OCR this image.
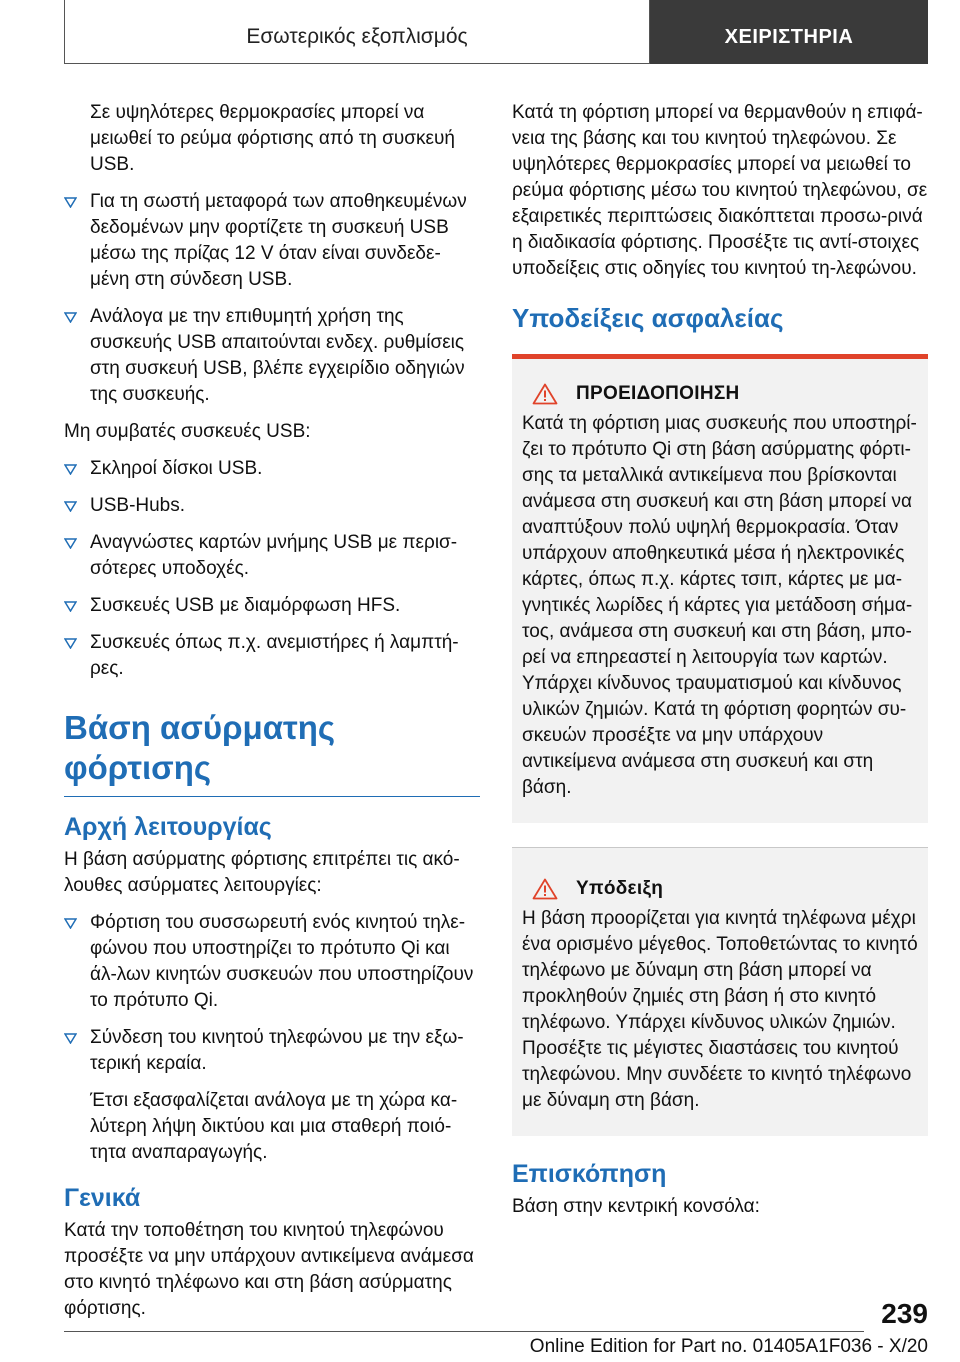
Εσωτερικός εξοπλισμός	ΧΕΙΡΙΣΤΗΡΙΑ

Σε υψηλότερες θερμοκρασίες μπορεί να μειωθεί το ρεύμα φόρτισης από τη συσκευή USB.

Για τη σωστή μεταφορά των αποθηκευμένων δεδομένων μην φορτίζετε τη συσκευή USB μέσω της πρίζας 12 V όταν είναι συνδεδε-μένη στη σύνδεση USB.
Ανάλογα με την επιθυμητή χρήση της συσκευής USB απαιτούνται ενδεχ. ρυθμίσεις στη συσκευή USB, βλέπε εγχειρίδιο οδηγιών της συσκευής.

Μη συμβατές συσκευές USB:

Σκληροί δίσκοι USB.
USB-Hubs.
Αναγνώστες καρτών μνήμης USB με περισ-σότερες υποδοχές.
Συσκευές USB με διαμόρφωση HFS.
Συσκευές όπως π.χ. ανεμιστήρες ή λαμπτή-ρες.
Βάση ασύρματης φόρτισης
Αρχή λειτουργίας

Η βάση ασύρματης φόρτισης επιτρέπει τις ακό-λουθες ασύρματες λειτουργίες:

Φόρτιση του συσσωρευτή ενός κινητού τηλε-φώνου που υποστηρίζει το πρότυπο Qi και άλ-λων κινητών συσκευών που υποστηρίζουν το πρότυπο Qi.
Σύνδεση του κινητού τηλεφώνου με την εξω-τερική κεραία.

Έτσι εξασφαλίζεται ανάλογα με τη χώρα κα-λύτερη λήψη δικτύου και μια σταθερή ποιό-τητα αναπαραγωγής.

Γενικά

Κατά την τοποθέτηση του κινητού τηλεφώνου προσέξτε να μην υπάρχουν αντικείμενα ανάμεσα στο κινητό τηλέφωνο και στη βάση ασύρματης φόρτισης.

Κατά τη φόρτιση μπορεί να θερμανθούν η επιφά-νεια της βάσης και του κινητού τηλεφώνου. Σε υψηλότερες θερμοκρασίες μπορεί να μειωθεί το ρεύμα φόρτισης μέσω του κινητού τηλεφώνου, σε εξαιρετικές περιπτώσεις διακόπτεται προσω-ρινά η διαδικασία φόρτισης. Προσέξτε τις αντί-στοιχες υποδείξεις στις οδηγίες του κινητού τη-λεφώνου.

Υποδείξεις ασφαλείας
ΠΡΟΕΙΔΟΠΟΙΗΣΗ

Κατά τη φόρτιση μιας συσκευής που υποστηρί-ζει το πρότυπο Qi στη βάση ασύρματης φόρτι-σης τα μεταλλικά αντικείμενα που βρίσκονται ανάμεσα στη συσκευή και στη βάση μπορεί να αναπτύξουν πολύ υψηλή θερμοκρασία. Όταν υπάρχουν αποθηκευτικά μέσα ή ηλεκτρονικές κάρτες, όπως π.χ. κάρτες τσιπ, κάρτες με μα-γνητικές λωρίδες ή κάρτες για μετάδοση σήμα-τος, ανάμεσα στη συσκευή και στη βάση, μπο-ρεί να επηρεαστεί η λειτουργία των καρτών. Υπάρχει κίνδυνος τραυματισμού και κίνδυνος υλικών ζημιών. Κατά τη φόρτιση φορητών συ-σκευών προσέξτε να μην υπάρχουν αντικείμενα ανάμεσα στη συσκευή και στη βάση.

Υπόδειξη

Η βάση προορίζεται για κινητά τηλέφωνα μέχρι ένα ορισμένο μέγεθος. Τοποθετώντας το κινητό τηλέφωνο με δύναμη στη βάση μπορεί να προκληθούν ζημιές στη βάση ή στο κινητό τηλέφωνο. Υπάρχει κίνδυνος υλικών ζημιών. Προσέξτε τις μέγιστες διαστάσεις του κινητού τηλεφώνου. Μην συνδέετε το κινητό τηλέφωνο με δύναμη στη βάση.

Επισκόπηση

Βάση στην κεντρική κονσόλα:

239
Online Edition for Part no. 01405A1F036 - X/20
